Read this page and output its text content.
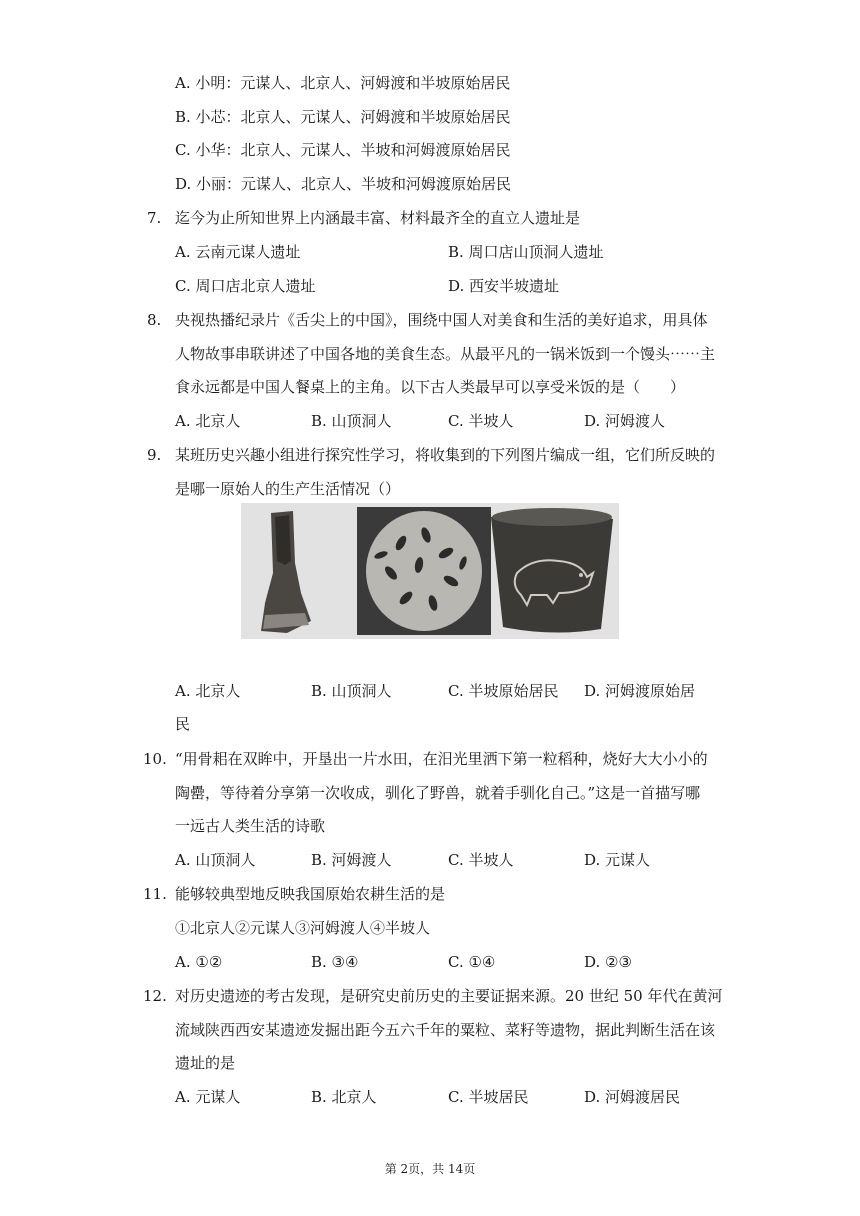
A. 小明：元谋人、北京人、河姆渡和半坡原始居民
B. 小芯：北京人、元谋人、河姆渡和半坡原始居民
C. 小华：北京人、元谋人、半坡和河姆渡原始居民
D. 小丽：元谋人、北京人、半坡和河姆渡原始居民
7. 迄今为止所知世界上内涵最丰富、材料最齐全的直立人遗址是
A. 云南元谋人遗址	B. 周口店山顶洞人遗址
C. 周口店北京人遗址	D. 西安半坡遗址
8. 央视热播纪录片《舌尖上的中国》，围绕中国人对美食和生活的美好追求，用具体
人物故事串联讲述了中国各地的美食生态。从最平凡的一锅米饭到一个馒头⋯⋯主
食永远都是中国人餐桌上的主角。以下古人类最早可以享受米饭的是（　　）
A. 北京人	B. 山顶洞人	C. 半坡人	D. 河姆渡人
9. 某班历史兴趣小组进行探究性学习，将收集到的下列图片编成一组，它们所反映的
是哪一原始人的生产生活情况（）
A. 北京人	B. 山顶洞人	C. 半坡原始居民 D. 河姆渡原始居
民
10. “用骨耜在双眸中，开垦出一片水田，在汨光里洒下第一粒稻种，烧好大大小小的
陶罍，等待着分享第一次收成，驯化了野兽，就着手驯化自己。”这是一首描写哪
一远古人类生活的诗歌
A. 山顶洞人	B. 河姆渡人	C. 半坡人	D. 元谋人
11. 能够较典型地反映我国原始农耕生活的是
①北京人②元谋人③河姆渡人④半坡人
A. ①②	B. ③④	C. ①④	D. ②③
12. 对历史遗迹的考古发现，是研究史前历史的主要证据来源。20 世纪 50 年代在黄河
流域陕西西安某遗迹发掘出距今五六千年的粟粒、菜籽等遗物，据此判断生活在该
遗址的是
A. 元谋人	B. 北京人	C. 半坡居民	D. 河姆渡居民
第 2页，共 14页
